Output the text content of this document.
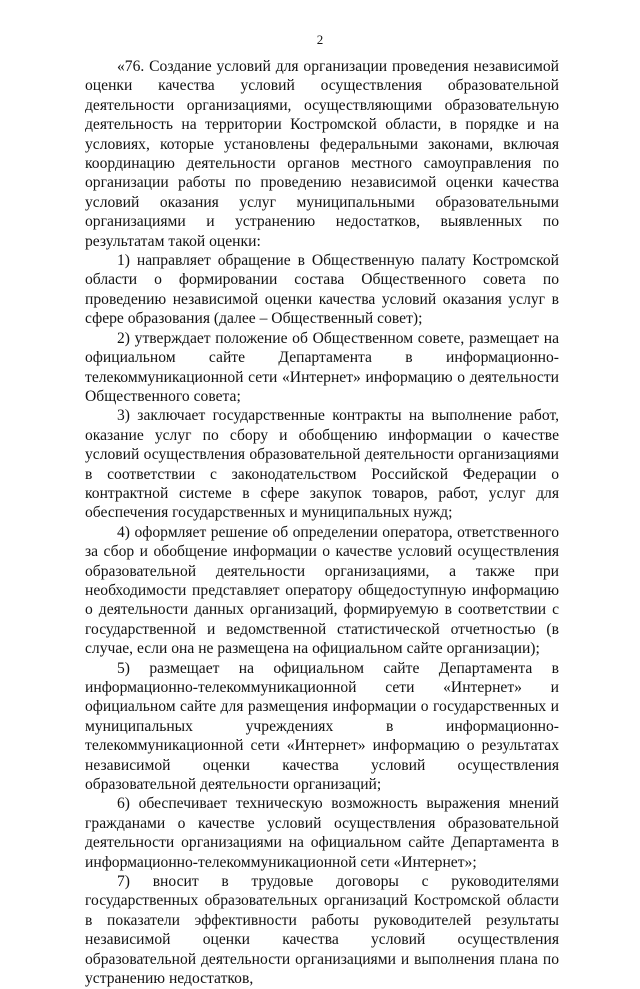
2

«76. Создание условий для организации проведения независимой оценки качества условий осуществления образовательной деятельности организациями, осуществляющими образовательную деятельность на территории Костромской области, в порядке и на условиях, которые установлены федеральными законами, включая координацию деятельности органов местного самоуправления по организации работы по проведению независимой оценки качества условий оказания услуг муниципальными образовательными организациями и устранению недостатков, выявленных по результатам такой оценки:

1) направляет обращение в Общественную палату Костромской области о формировании состава Общественного совета по проведению независимой оценки качества условий оказания услуг в сфере образования (далее – Общественный совет);

2) утверждает положение об Общественном совете, размещает на официальном сайте Департамента в информационно-телекоммуникационной сети «Интернет» информацию о деятельности Общественного совета;

3) заключает государственные контракты на выполнение работ, оказание услуг по сбору и обобщению информации о качестве условий осуществления образовательной деятельности организациями в соответствии с законодательством Российской Федерации о контрактной системе в сфере закупок товаров, работ, услуг для обеспечения государственных и муниципальных нужд;

4) оформляет решение об определении оператора, ответственного за сбор и обобщение информации о качестве условий осуществления образовательной деятельности организациями, а также при необходимости представляет оператору общедоступную информацию о деятельности данных организаций, формируемую в соответствии с государственной и ведомственной статистической отчетностью (в случае, если она не размещена на официальном сайте организации);

5) размещает на официальном сайте Департамента в информационно-телекоммуникационной сети «Интернет» и официальном сайте для размещения информации о государственных и муниципальных учреждениях в информационно-телекоммуникационной сети «Интернет» информацию о результатах независимой оценки качества условий осуществления образовательной деятельности организаций;

6) обеспечивает техническую возможность выражения мнений гражданами о качестве условий осуществления образовательной деятельности организациями на официальном сайте Департамента в информационно-телекоммуникационной сети «Интернет»;

7) вносит в трудовые договоры с руководителями государственных образовательных организаций Костромской области в показатели эффективности работы руководителей результаты независимой оценки качества условий осуществления образовательной деятельности организациями и выполнения плана по устранению недостатков,
